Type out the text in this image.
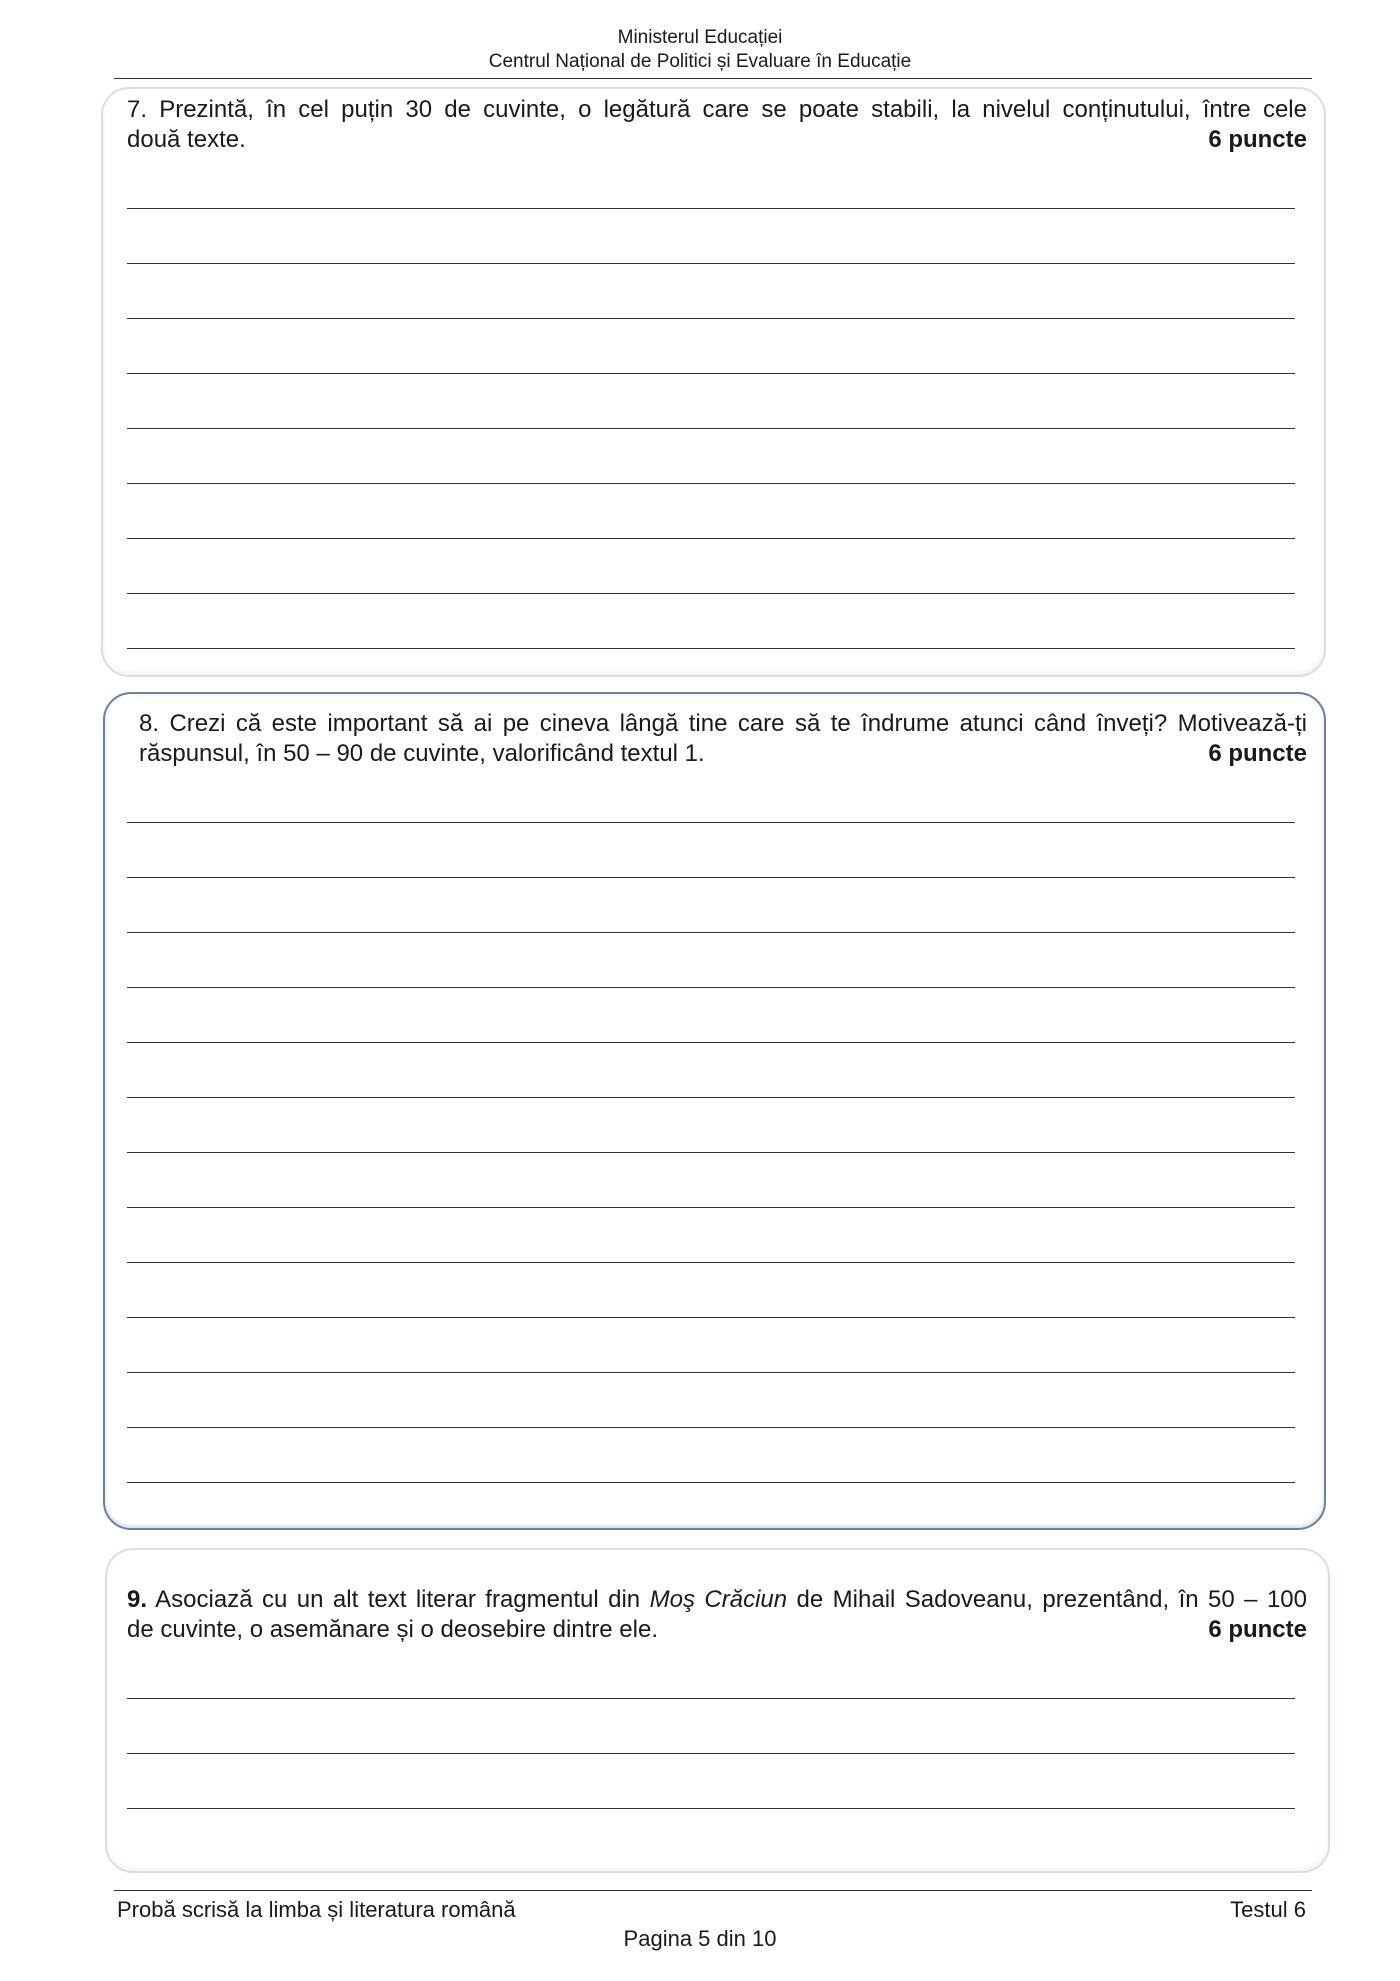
Ministerul Educației
Centrul Național de Politici și Evaluare în Educație
7. Prezintă, în cel puțin 30 de cuvinte, o legătură care se poate stabili, la nivelul conținutului, între cele
două texte.	6 puncte
8. Crezi că este important să ai pe cineva lângă tine care să te îndrume atunci când înveți? Motivează-ți
răspunsul, în 50 – 90 de cuvinte, valorificând textul 1.	6 puncte
9. Asociază cu un alt text literar fragmentul din Moş Crăciun de Mihail Sadoveanu, prezentând, în 50 – 100
de cuvinte, o asemănare și o deosebire dintre ele.	6 puncte
Probă scrisă la limba și literatura română	Testul 6
Pagina 5 din 10
